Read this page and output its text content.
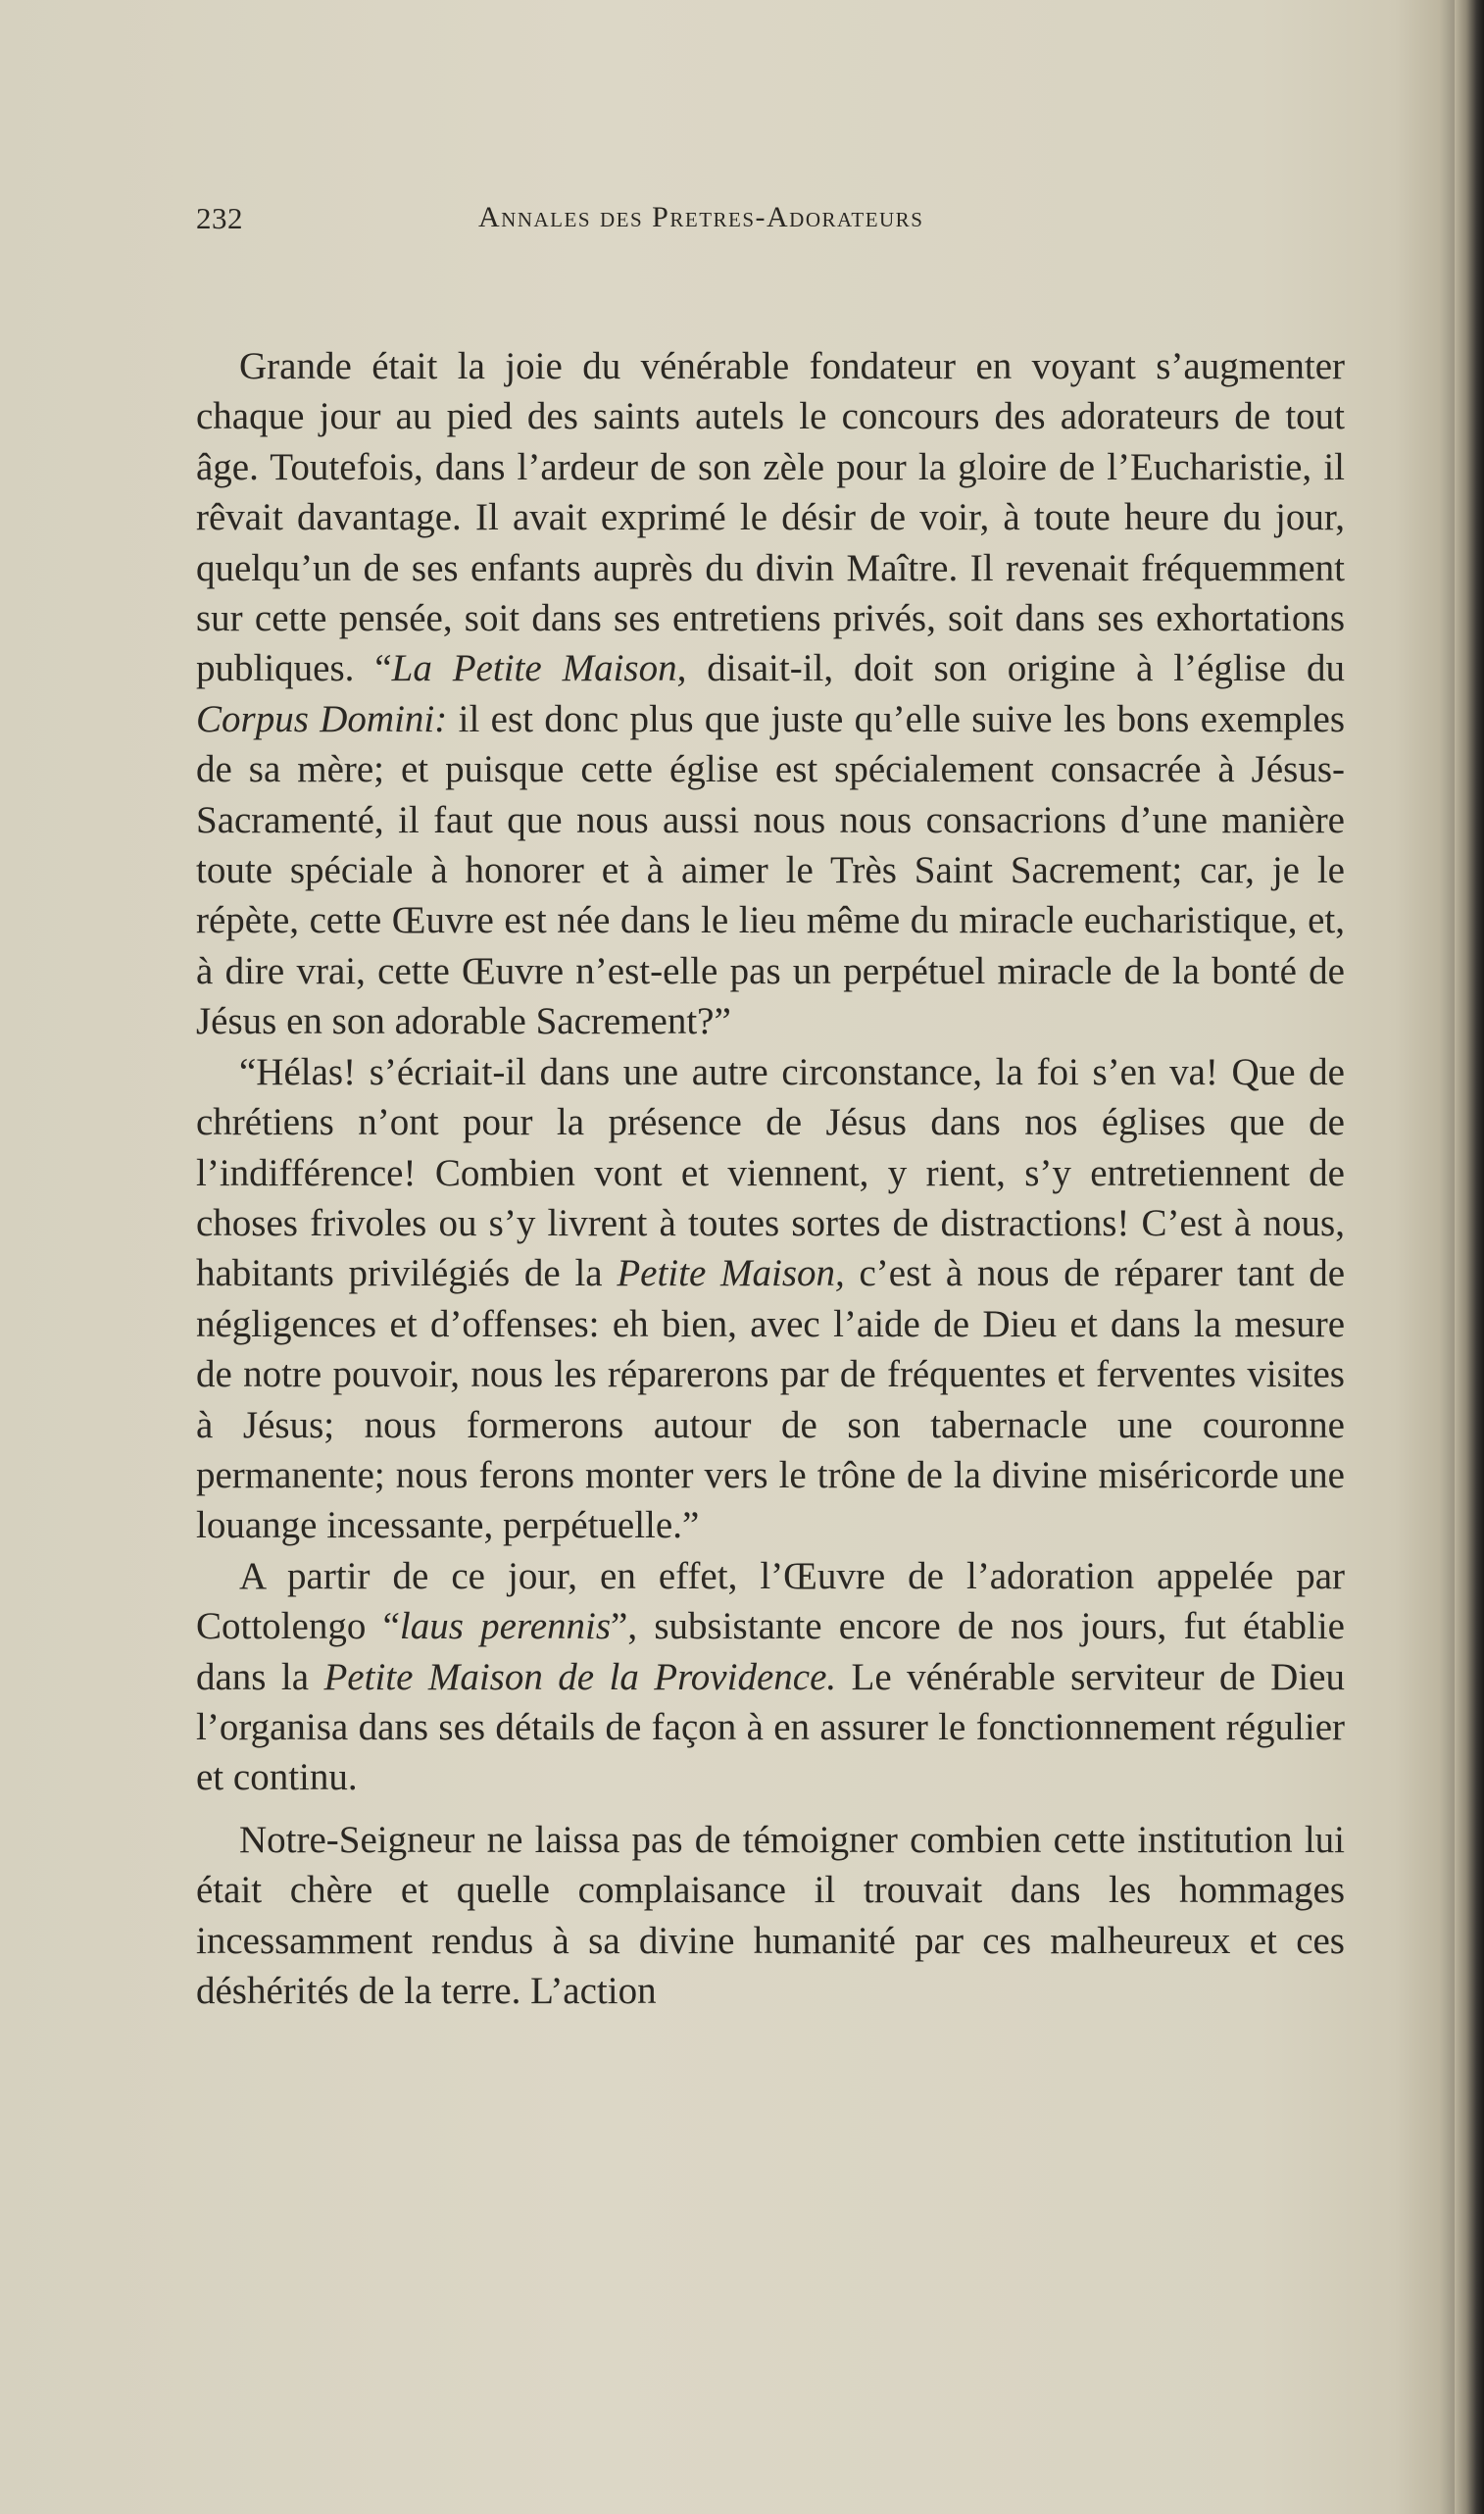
232	Annales des Pretres-Adorateurs

Grande était la joie du vénérable fondateur en voyant s’augmenter chaque jour au pied des saints autels le concours des adorateurs de tout âge. Toutefois, dans l’ardeur de son zèle pour la gloire de l’Eucharistie, il rêvait davantage. Il avait exprimé le désir de voir, à toute heure du jour, quelqu’un de ses enfants auprès du divin Maître. Il revenait fréquemment sur cette pensée, soit dans ses entretiens privés, soit dans ses exhortations publiques. “La Petite Maison, disait-il, doit son origine à l’église du Corpus Domini: il est donc plus que juste qu’elle suive les bons exemples de sa mère; et puisque cette église est spécialement consacrée à Jésus-Sacramenté, il faut que nous aussi nous nous consacrions d’une manière toute spéciale à honorer et à aimer le Très Saint Sacrement; car, je le répète, cette Œuvre est née dans le lieu même du miracle eucharistique, et, à dire vrai, cette Œuvre n’est-elle pas un perpétuel miracle de la bonté de Jésus en son adorable Sacrement?”

“Hélas! s’écriait-il dans une autre circonstance, la foi s’en va! Que de chrétiens n’ont pour la présence de Jésus dans nos églises que de l’indifférence! Combien vont et viennent, y rient, s’y entretiennent de choses frivoles ou s’y livrent à toutes sortes de distractions! C’est à nous, habitants privilégiés de la Petite Maison, c’est à nous de réparer tant de négligences et d’offenses: eh bien, avec l’aide de Dieu et dans la mesure de notre pouvoir, nous les réparerons par de fréquentes et ferventes visites à Jésus; nous formerons autour de son tabernacle une couronne permanente; nous ferons monter vers le trône de la divine miséricorde une louange incessante, perpétuelle.”

A partir de ce jour, en effet, l’Œuvre de l’adoration appelée par Cottolengo “laus perennis”, subsistante encore de nos jours, fut établie dans la Petite Maison de la Providence. Le vénérable serviteur de Dieu l’organisa dans ses détails de façon à en assurer le fonctionnement régulier et continu.

Notre-Seigneur ne laissa pas de témoigner combien cette institution lui était chère et quelle complaisance il trouvait dans les hommages incessamment rendus à sa divine humanité par ces malheureux et ces déshérités de la terre. L’action
